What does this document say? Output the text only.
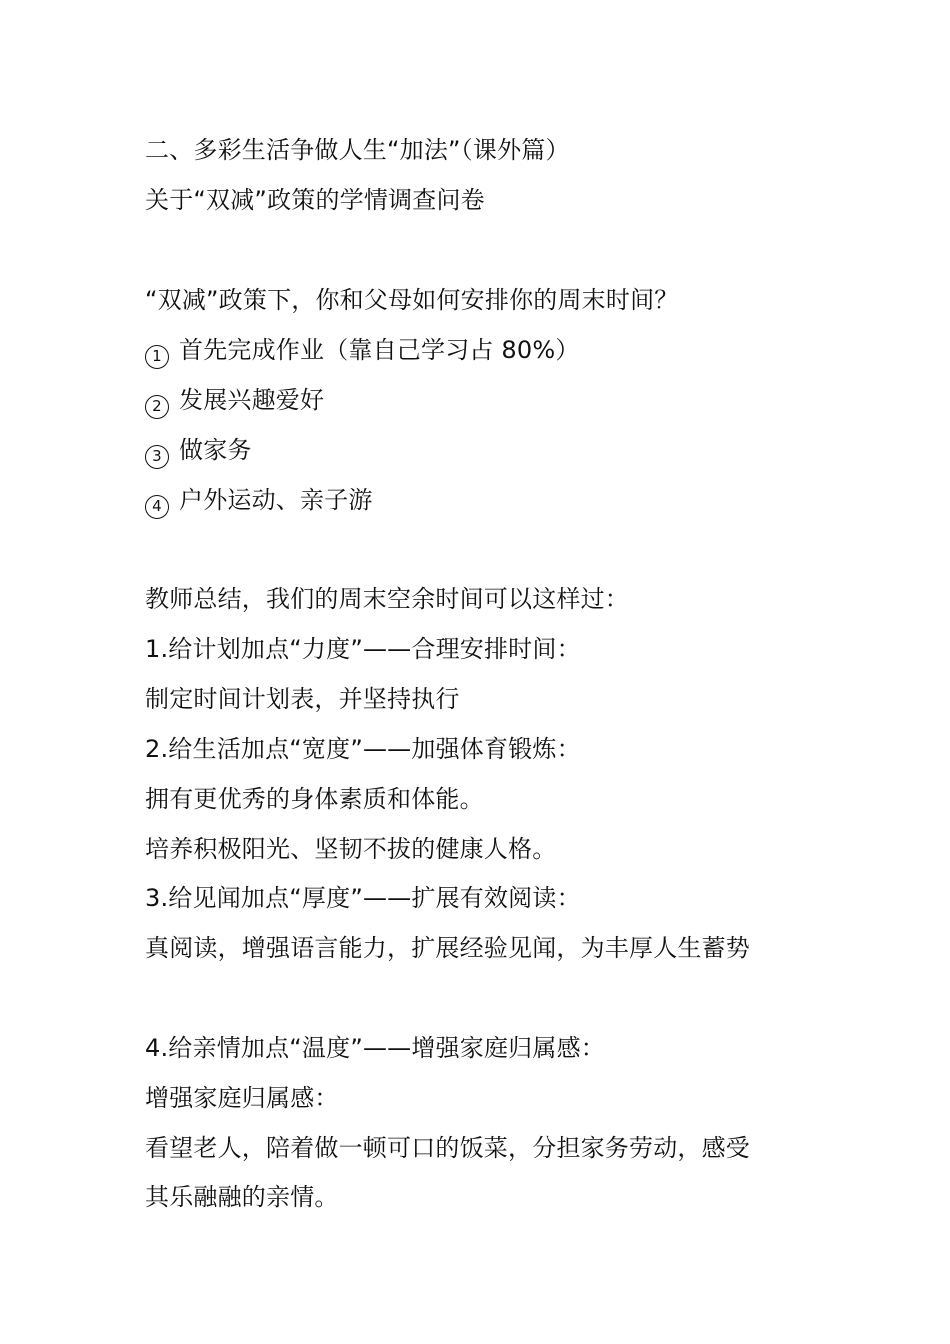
二、多彩生活争做人生“加法”（课外篇）
关于“双减”政策的学情调查问卷
“双减”政策下，你和父母如何安排你的周末时间？
1 首先完成作业（靠自己学习占 80%）
2 发展兴趣爱好
3 做家务
4 户外运动、亲子游
教师总结，我们的周末空余时间可以这样过：
1.给计划加点“力度”——合理安排时间：
制定时间计划表，并坚持执行
2.给生活加点“宽度”——加强体育锻炼：
拥有更优秀的身体素质和体能。
培养积极阳光、坚韧不拔的健康人格。
3.给见闻加点“厚度”——扩展有效阅读：
真阅读，增强语言能力，扩展经验见闻，为丰厚人生蓄势
4.给亲情加点“温度”——增强家庭归属感：
增强家庭归属感：
看望老人，陪着做一顿可口的饭菜，分担家务劳动，感受
其乐融融的亲情。
